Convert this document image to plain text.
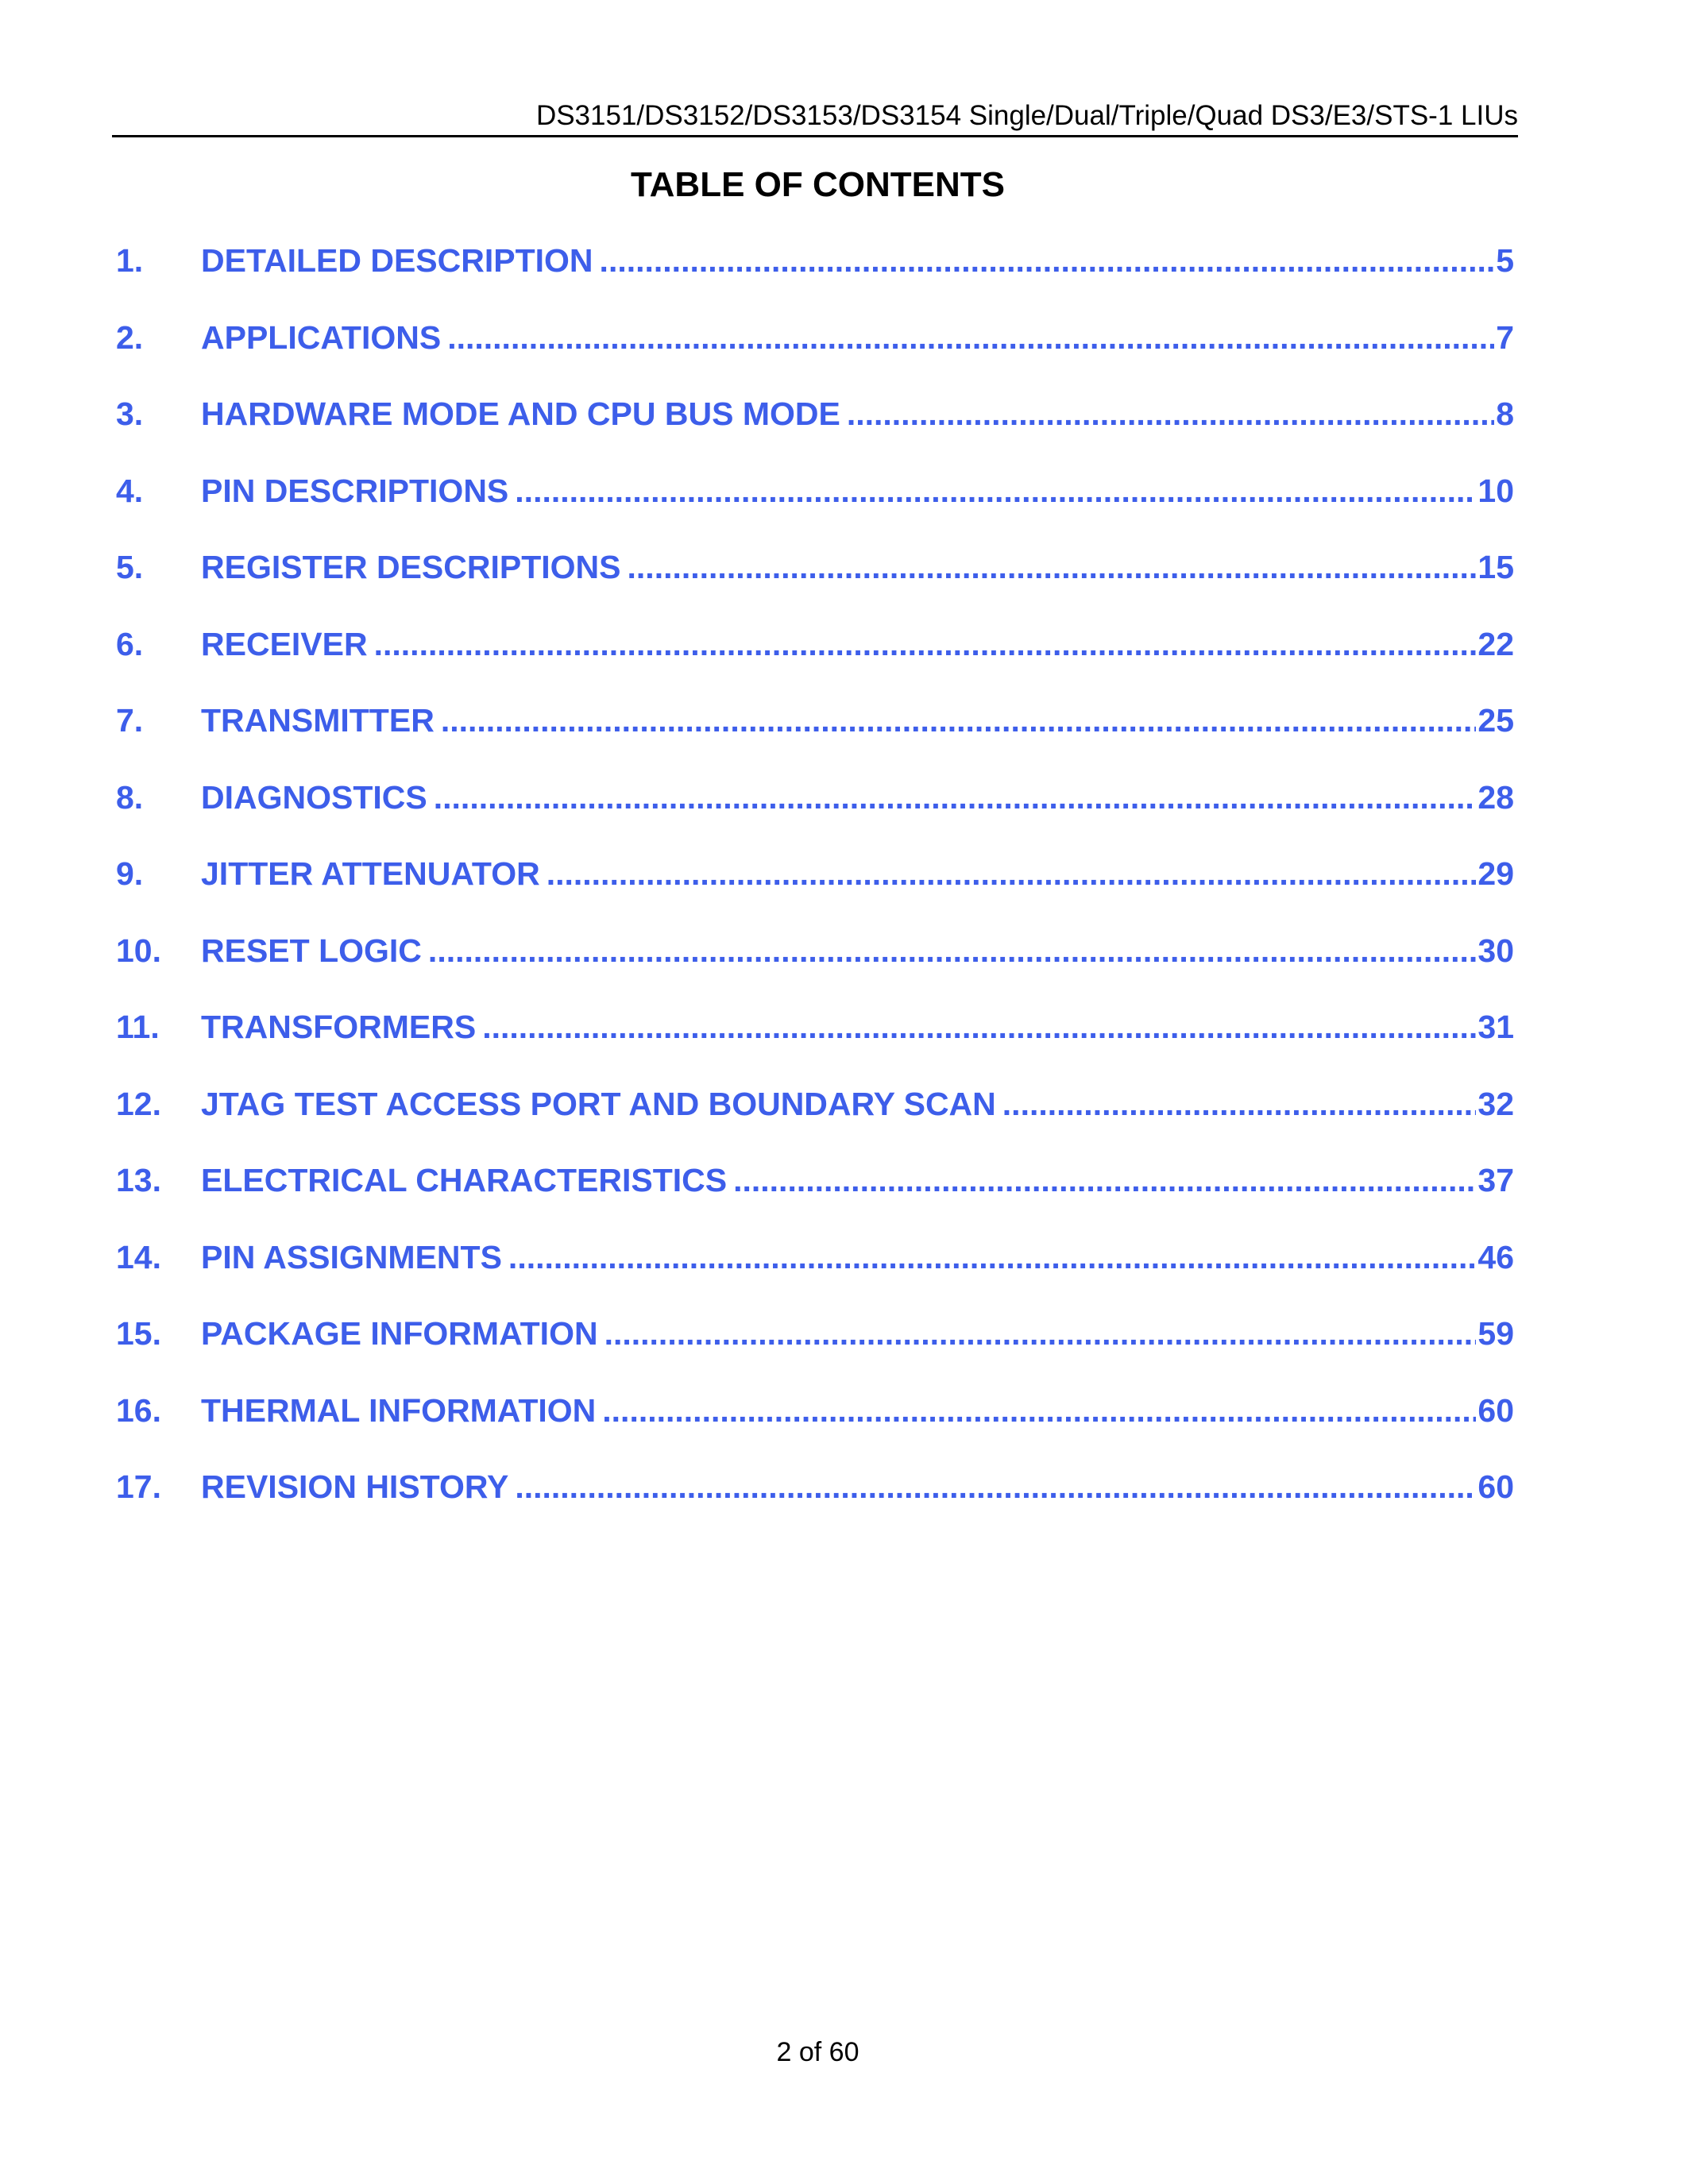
DS3151/DS3152/DS3153/DS3154 Single/Dual/Triple/Quad DS3/E3/STS-1 LIUs
TABLE OF CONTENTS
1.	DETAILED DESCRIPTION .....	5
2.	APPLICATIONS .....	7
3.	HARDWARE MODE AND CPU BUS MODE .....	8
4.	PIN DESCRIPTIONS .....	10
5.	REGISTER DESCRIPTIONS .....	15
6.	RECEIVER .....	22
7.	TRANSMITTER .....	25
8.	DIAGNOSTICS .....	28
9.	JITTER ATTENUATOR .....	29
10.	RESET LOGIC .....	30
11.	TRANSFORMERS .....	31
12.	JTAG TEST ACCESS PORT AND BOUNDARY SCAN .....	32
13.	ELECTRICAL CHARACTERISTICS .....	37
14.	PIN ASSIGNMENTS .....	46
15.	PACKAGE INFORMATION .....	59
16.	THERMAL INFORMATION .....	60
17.	REVISION HISTORY .....	60
2 of 60
